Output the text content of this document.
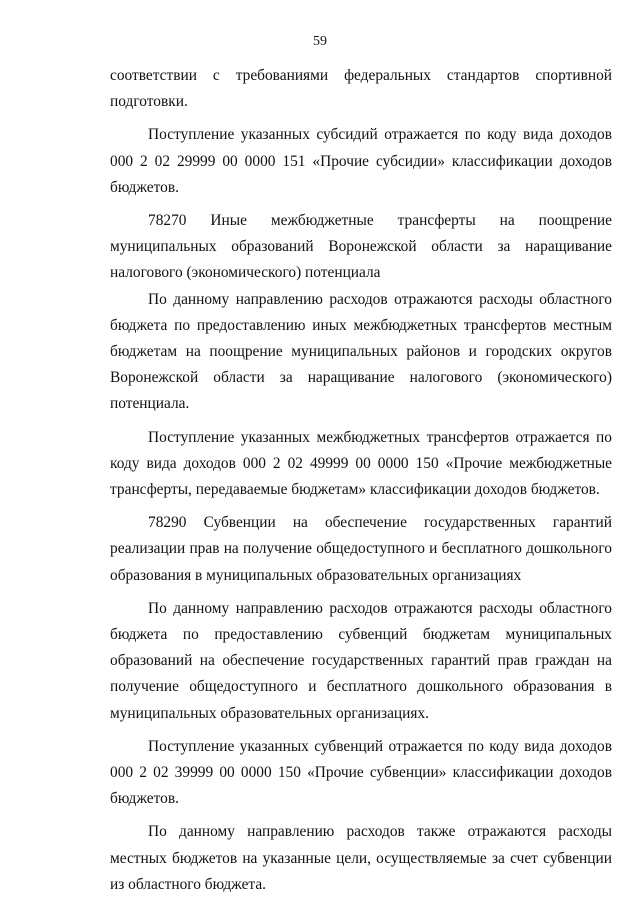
59

соответствии с требованиями федеральных стандартов спортивной подготовки.

Поступление указанных субсидий отражается по коду вида доходов 000 2 02 29999 00 0000 151 «Прочие субсидии» классификации доходов бюджетов.

78270 Иные межбюджетные трансферты на поощрение муниципальных образований Воронежской области за наращивание налогового (экономического) потенциала

По данному направлению расходов отражаются расходы областного бюджета по предоставлению иных межбюджетных трансфертов местным бюджетам на поощрение муниципальных районов и городских округов Воронежской области за наращивание налогового (экономического) потенциала.

Поступление указанных межбюджетных трансфертов отражается по коду вида доходов 000 2 02 49999 00 0000 150 «Прочие межбюджетные трансферты, передаваемые бюджетам» классификации доходов бюджетов.

78290 Субвенции на обеспечение государственных гарантий реализации прав на получение общедоступного и бесплатного дошкольного образования в муниципальных образовательных организациях

По данному направлению расходов отражаются расходы областного бюджета по предоставлению субвенций бюджетам муниципальных образований на обеспечение государственных гарантий прав граждан на получение общедоступного и бесплатного дошкольного образования в муниципальных образовательных организациях.

Поступление указанных субвенций отражается по коду вида доходов 000 2 02 39999 00 0000 150 «Прочие субвенции» классификации доходов бюджетов.

По данному направлению расходов также отражаются расходы местных бюджетов на указанные цели, осуществляемые за счет субвенции из областного бюджета.
